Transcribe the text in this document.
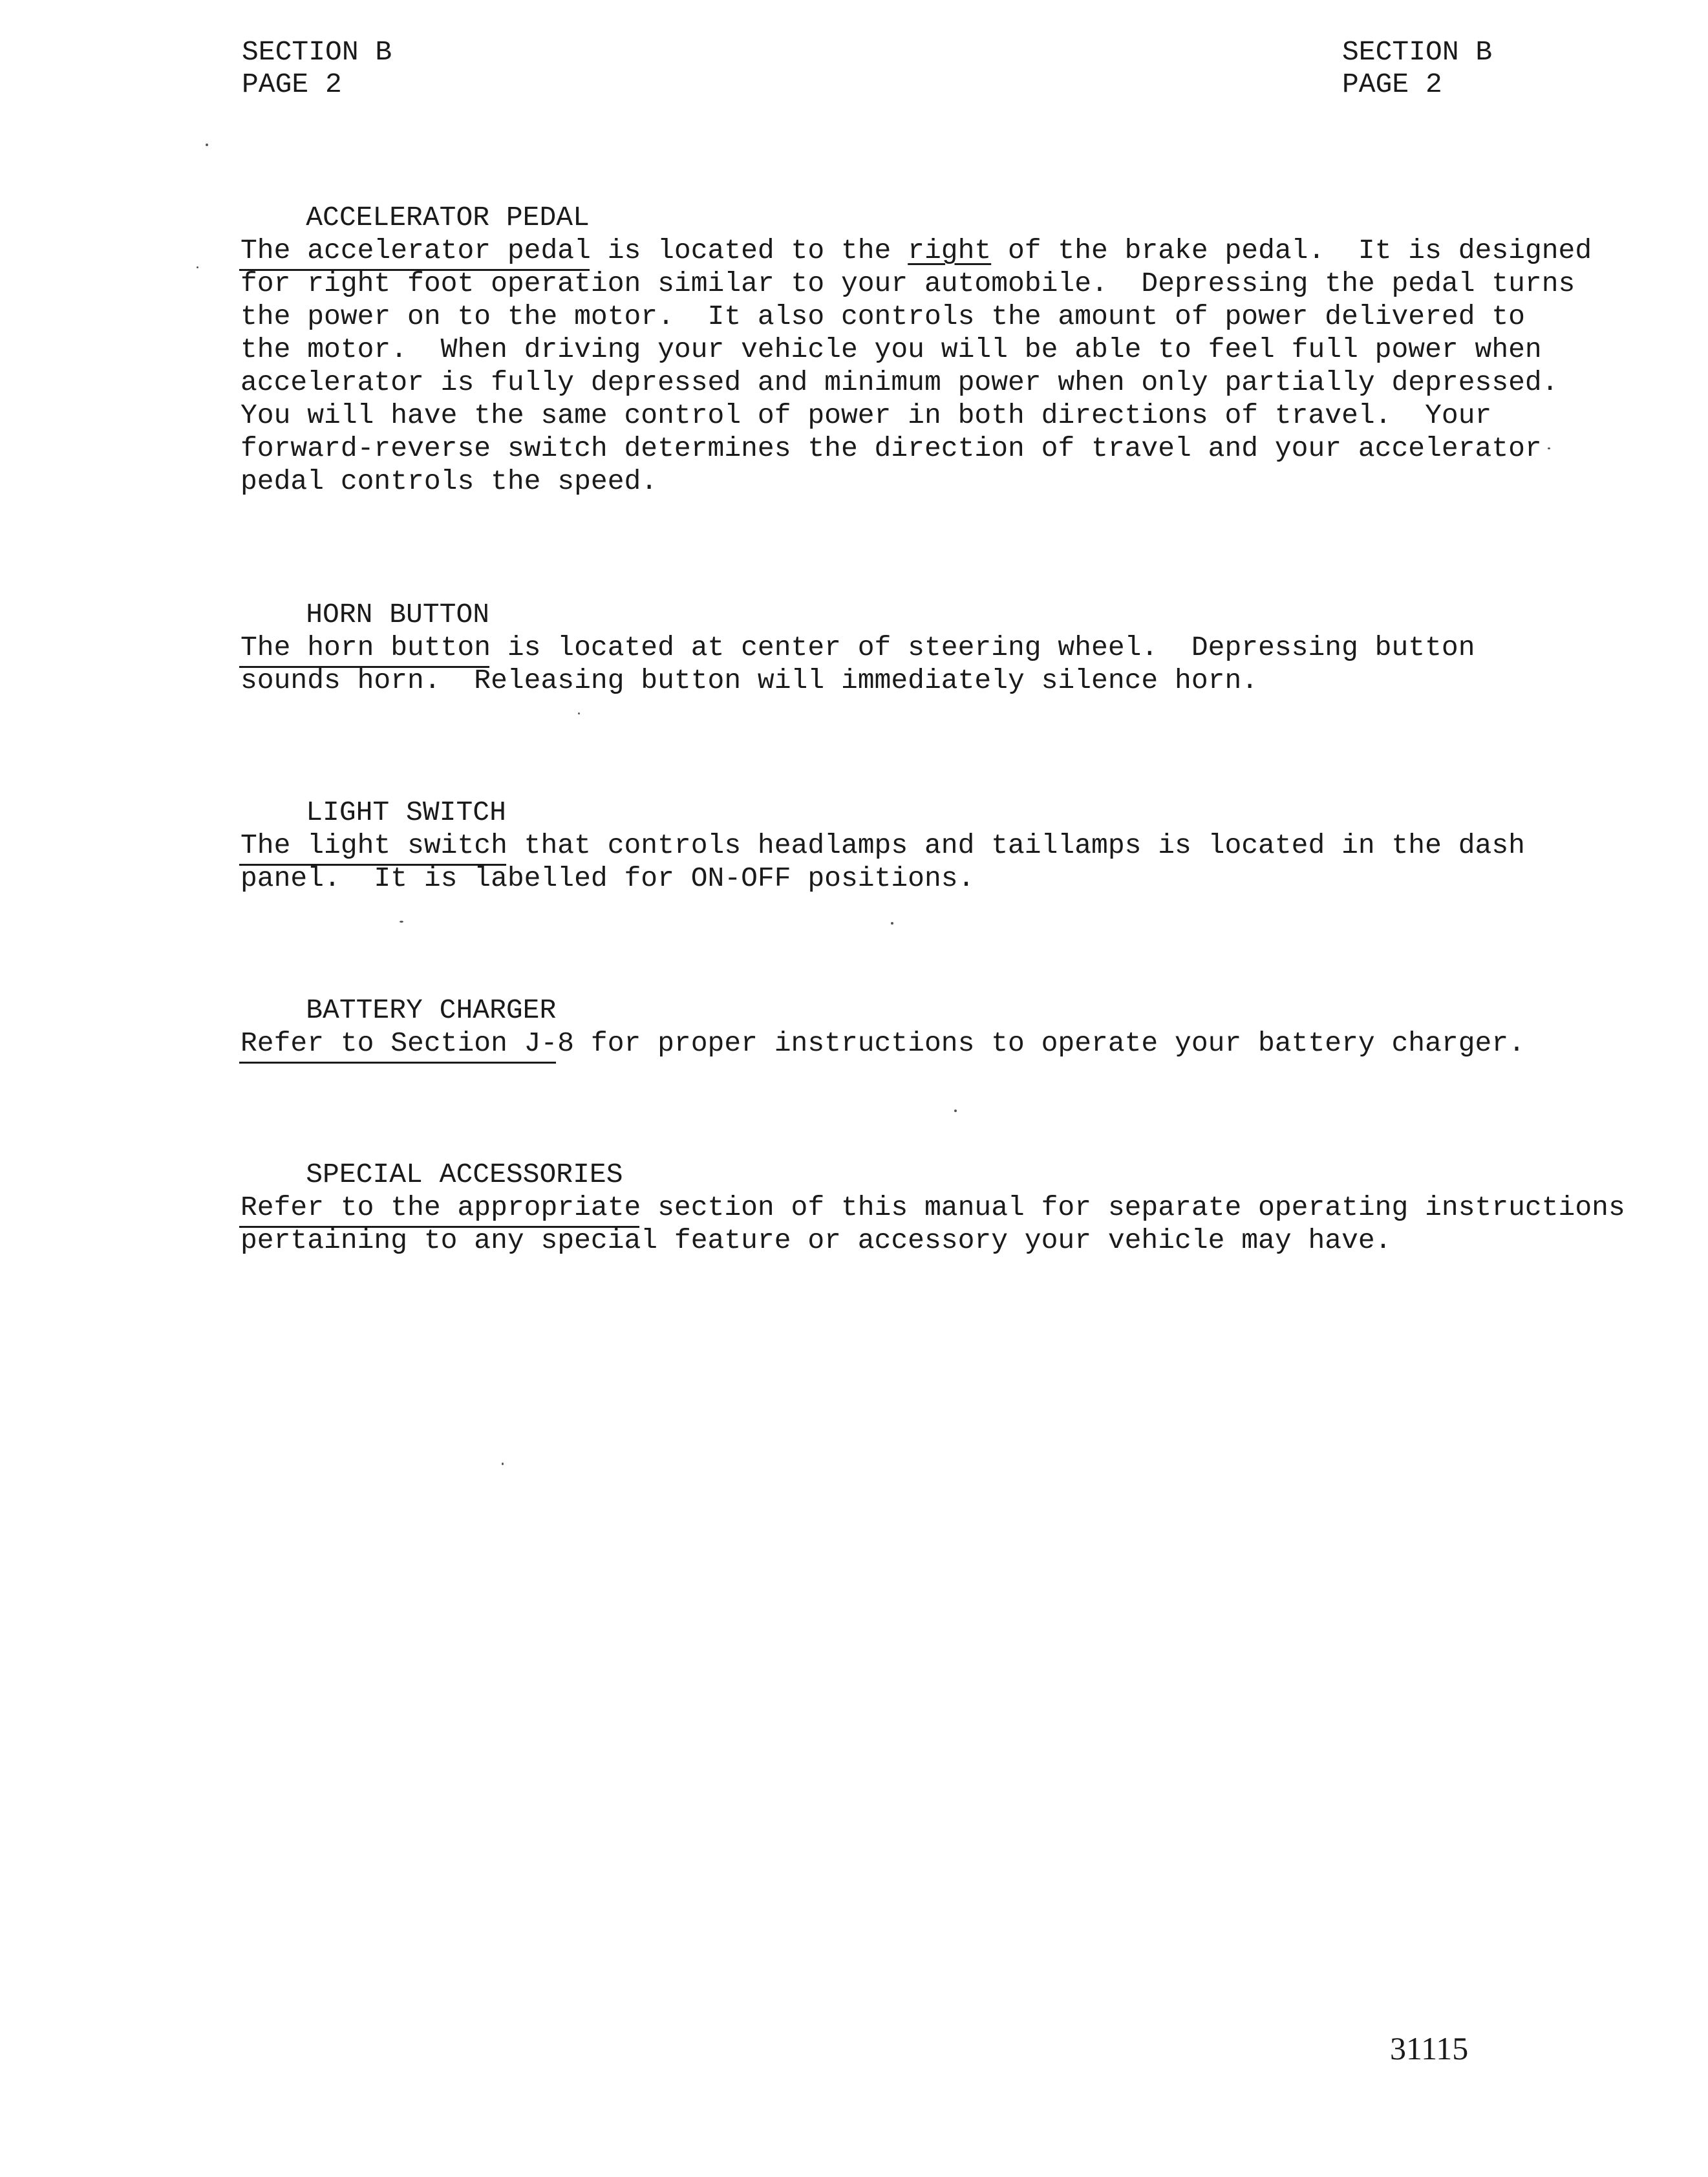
SECTION B
PAGE 2
SECTION B
PAGE 2

ACCELERATOR PEDAL

The accelerator pedal is located to the right of the brake pedal.  It is designed
for right foot operation similar to your automobile.  Depressing the pedal turns
the power on to the motor.  It also controls the amount of power delivered to
the motor.  When driving your vehicle you will be able to feel full power when
accelerator is fully depressed and minimum power when only partially depressed.
You will have the same control of power in both directions of travel.  Your
forward-reverse switch determines the direction of travel and your accelerator
pedal controls the speed.

HORN BUTTON

The horn button is located at center of steering wheel.  Depressing button
sounds horn.  Releasing button will immediately silence horn.

LIGHT SWITCH

The light switch that controls headlamps and taillamps is located in the dash
panel.  It is labelled for ON-OFF positions.

BATTERY CHARGER

Refer to Section J-8 for proper instructions to operate your battery charger.

SPECIAL ACCESSORIES

Refer to the appropriate section of this manual for separate operating instructions
pertaining to any special feature or accessory your vehicle may have.
31115
